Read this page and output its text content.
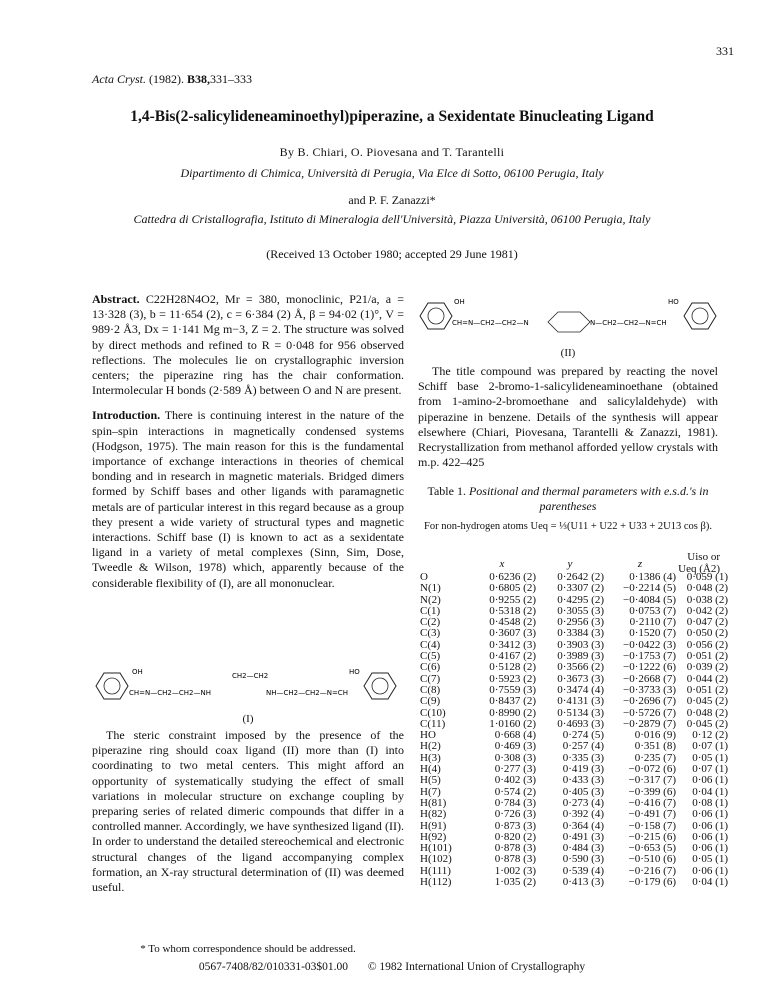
331
Acta Cryst. (1982). B38,331–333
1,4-Bis(2-salicylideneaminoethyl)piperazine, a Sexidentate Binucleating Ligand
By B. Chiari, O. Piovesana and T. Tarantelli
Dipartimento di Chimica, Università di Perugia, Via Elce di Sotto, 06100 Perugia, Italy
and P. F. Zanazzi*
Cattedra di Cristallografia, Istituto di Mineralogia dell'Università, Piazza Università, 06100 Perugia, Italy
(Received 13 October 1980; accepted 29 June 1981)

Abstract. C22H28N4O2, Mr = 380, monoclinic, P21/a, a = 13·328 (3), b = 11·654 (2), c = 6·384 (2) Å, β = 94·02 (1)°, V = 989·2 Å3, Dx = 1·141 Mg m−3, Z = 2. The structure was solved by direct methods and refined to R = 0·048 for 956 observed reflections. The molecules lie on crystallographic inversion centers; the piperazine ring has the chair conformation. Intermolecular H bonds (2·589 Å) between O and N are present.

Introduction. There is continuing interest in the nature of the spin–spin interactions in magnetically condensed systems (Hodgson, 1975). The main reason for this is the fundamental importance of exchange interactions in theories of chemical bonding and in research in magnetic materials. Bridged dimers formed by Schiff bases and other ligands with paramagnetic metals are of particular interest in this regard because as a group they present a wide variety of structural types and magnetic interactions. Schiff base (I) is known to act as a sexidentate ligand in a variety of metal complexes (Sinn, Sim, Dose, Tweedle & Wilson, 1978) which, apparently because of the considerable flexibility of (I), are all mononuclear.

OH	HO
CH=N—CH2—CH2—NH
CH2—CH2
NH—CH2—CH2—N=CH
(I)

The steric constraint imposed by the presence of the piperazine ring should coax ligand (II) more than (I) into coordinating to two metal centers. This might afford an opportunity of systematically studying the effect of small variations in molecular structure on exchange coupling by preparing series of related dimeric compounds that differ in a controlled manner. Accordingly, we have synthesized ligand (II). In order to understand the detailed stereochemical and electronic structural changes of the ligand accompanying complex formation, an X-ray structural determination of (II) was deemed useful.

* To whom correspondence should be addressed.
OH	HO
CH=N—CH2—CH2—N	N—CH2—CH2—N=CH
(II)

The title compound was prepared by reacting the novel Schiff base 2-bromo-1-salicylideneaminoethane (obtained from 1-amino-2-bromoethane and salicylaldehyde) with piperazine in benzene. Details of the synthesis will appear elsewhere (Chiari, Piovesana, Tarantelli & Zanazzi, 1981). Recrystallization from methanol afforded yellow crystals with m.p. 422–425

Table 1. Positional and thermal parameters with e.s.d.'s in parentheses
For non-hydrogen atoms Ueq = ⅓(U11 + U22 + U33 + 2U13 cos β).
Uiso or
Ueq (Å2)
	x	y	z	
O	0·6236 (2)	0·2642 (2)	0·1386 (4)	0·059 (1)
N(1)	0·6805 (2)	0·3307 (2)	−0·2214 (5)	0·048 (2)
N(2)	0·9255 (2)	0·4295 (2)	−0·4084 (5)	0·038 (2)
C(1)	0·5318 (2)	0·3055 (3)	0·0753 (7)	0·042 (2)
C(2)	0·4548 (2)	0·2956 (3)	0·2110 (7)	0·047 (2)
C(3)	0·3607 (3)	0·3384 (3)	0·1520 (7)	0·050 (2)
C(4)	0·3412 (3)	0·3903 (3)	−0·0422 (3)	0·056 (2)
C(5)	0·4167 (2)	0·3989 (3)	−0·1753 (7)	0·051 (2)
C(6)	0·5128 (2)	0·3566 (2)	−0·1222 (6)	0·039 (2)
C(7)	0·5923 (2)	0·3673 (3)	−0·2668 (7)	0·044 (2)
C(8)	0·7559 (3)	0·3474 (4)	−0·3733 (3)	0·051 (2)
C(9)	0·8437 (2)	0·4131 (3)	−0·2696 (7)	0·045 (2)
C(10)	0·8990 (2)	0·5134 (3)	−0·5726 (7)	0·048 (2)
C(11)	1·0160 (2)	0·4693 (3)	−0·2879 (7)	0·045 (2)
HO	0·668 (4)	0·274 (5)	0·016 (9)	0·12 (2)
H(2)	0·469 (3)	0·257 (4)	0·351 (8)	0·07 (1)
H(3)	0·308 (3)	0·335 (3)	0·235 (7)	0·05 (1)
H(4)	0·277 (3)	0·419 (3)	−0·072 (6)	0·07 (1)
H(5)	0·402 (3)	0·433 (3)	−0·317 (7)	0·06 (1)
H(7)	0·574 (2)	0·405 (3)	−0·399 (6)	0·04 (1)
H(81)	0·784 (3)	0·273 (4)	−0·416 (7)	0·08 (1)
H(82)	0·726 (3)	0·392 (4)	−0·491 (7)	0·06 (1)
H(91)	0·873 (3)	0·364 (4)	−0·158 (7)	0·06 (1)
H(92)	0·820 (2)	0·491 (3)	−0·215 (6)	0·06 (1)
H(101)	0·878 (3)	0·484 (3)	−0·653 (5)	0·06 (1)
H(102)	0·878 (3)	0·590 (3)	−0·510 (6)	0·05 (1)
H(111)	1·002 (3)	0·539 (4)	−0·216 (7)	0·06 (1)
H(112)	1·035 (2)	0·413 (3)	−0·179 (6)	0·04 (1)
0567-7408/82/010331-03$01.00 © 1982 International Union of Crystallography
